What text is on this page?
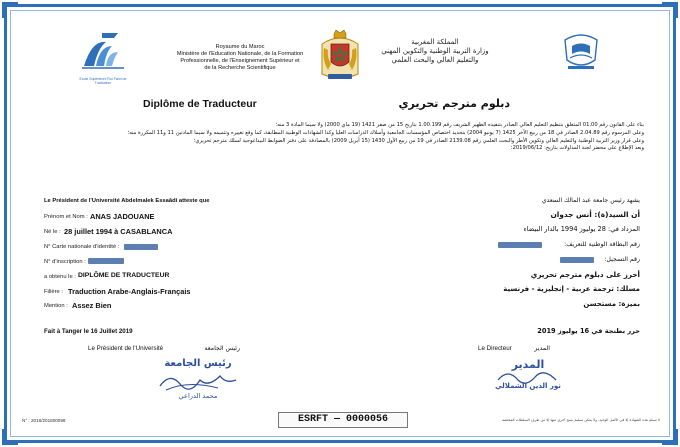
Ecole Supérieure Roi Fahd de Traduction
Royaume du Maroc
Ministère de l'Education Nationale, de la Formation
Professionnelle, de l'Enseignement Supérieur et
de la Recherche Scientifique
المملكة المغربية
وزارة التربية الوطنية والتكوين المهني
والتعليم العالي والبحث العلمي
Diplôme de Traducteur	دبلوم مترجم تحريري
بناء على القانون رقم 01.00 المتعلق بتنظيم التعليم العالي الصادر بتنفيذه الظهير الشريف رقم 1.00.199 بتاريخ 15 من صفر 1421 (19 ماي 2000) ولا سيما المادة 3 منه؛
وعلى المرسوم رقم 2.04.89 الصادر في 18 من ربيع الآخر 1425 (7 يونيو 2004) بتحديد اختصاص المؤسسات الجامعية وأسلاك الدراسات العليا وكذا الشهادات الوطنية المطابقة، كما وقع تغييره وتتميمه ولا سيما المادتين 11 و11 المكررة منه؛
وعلى قرار وزير التربية الوطنية والتعليم العالي وتكوين الأطر والبحث العلمي رقم 2139.08 الصادر في 19 من ربيع الأول 1430 (15 أبريل 2009) بالمصادقة على دفتر الضوابط البيداغوجية لسلك مترجم تحريري؛
وبعد الإطلاع على محضر لجنة المداولات بتاريخ: 2019/06/12؛
Le Président de l'Université Abdelmalek Essaâdi atteste que	يشهد رئيس جامعة عبد المالك السعدي
Prénom et Nom : ANAS JADOUANE
Né le : 28 juillet 1994 à CASABLANCA
N° Carte nationale d'identité :
N° d'inscription :
a obtenu le : DIPLÔME DE TRADUCTEUR
Filière : Traduction Arabe-Anglais-Français
Mention : Assez Bien
أن السيد(ة): أنس جدوان
المزداد في: 28 يوليوز 1994 بالدار البيضاء
رقم البطاقة الوطنية للتعريف:
رقم التسجيل:
أحرز على دبلوم مترجم تحريري
مسلك: ترجمة عربية - إنجليزية - فرنسية
بميزة: مستحسن
Fait à Tanger le 16 Juillet 2019	حرر بطنجة في 16 يوليوز 2019
Le Président de l'Université	رئيس الجامعة	Le Directeur	المدير
رئيس الجامعة
محمد الدراعي
المدير
نور الدين الشملالي
N° : 2018/201800098	ESRFT — 0000056	لا تسلم هذه الشهادة إلا في الأصل الوحيد، ولا يمكن تسليم نسخ أخرى منها إلا من طرف السلطات المختصة
